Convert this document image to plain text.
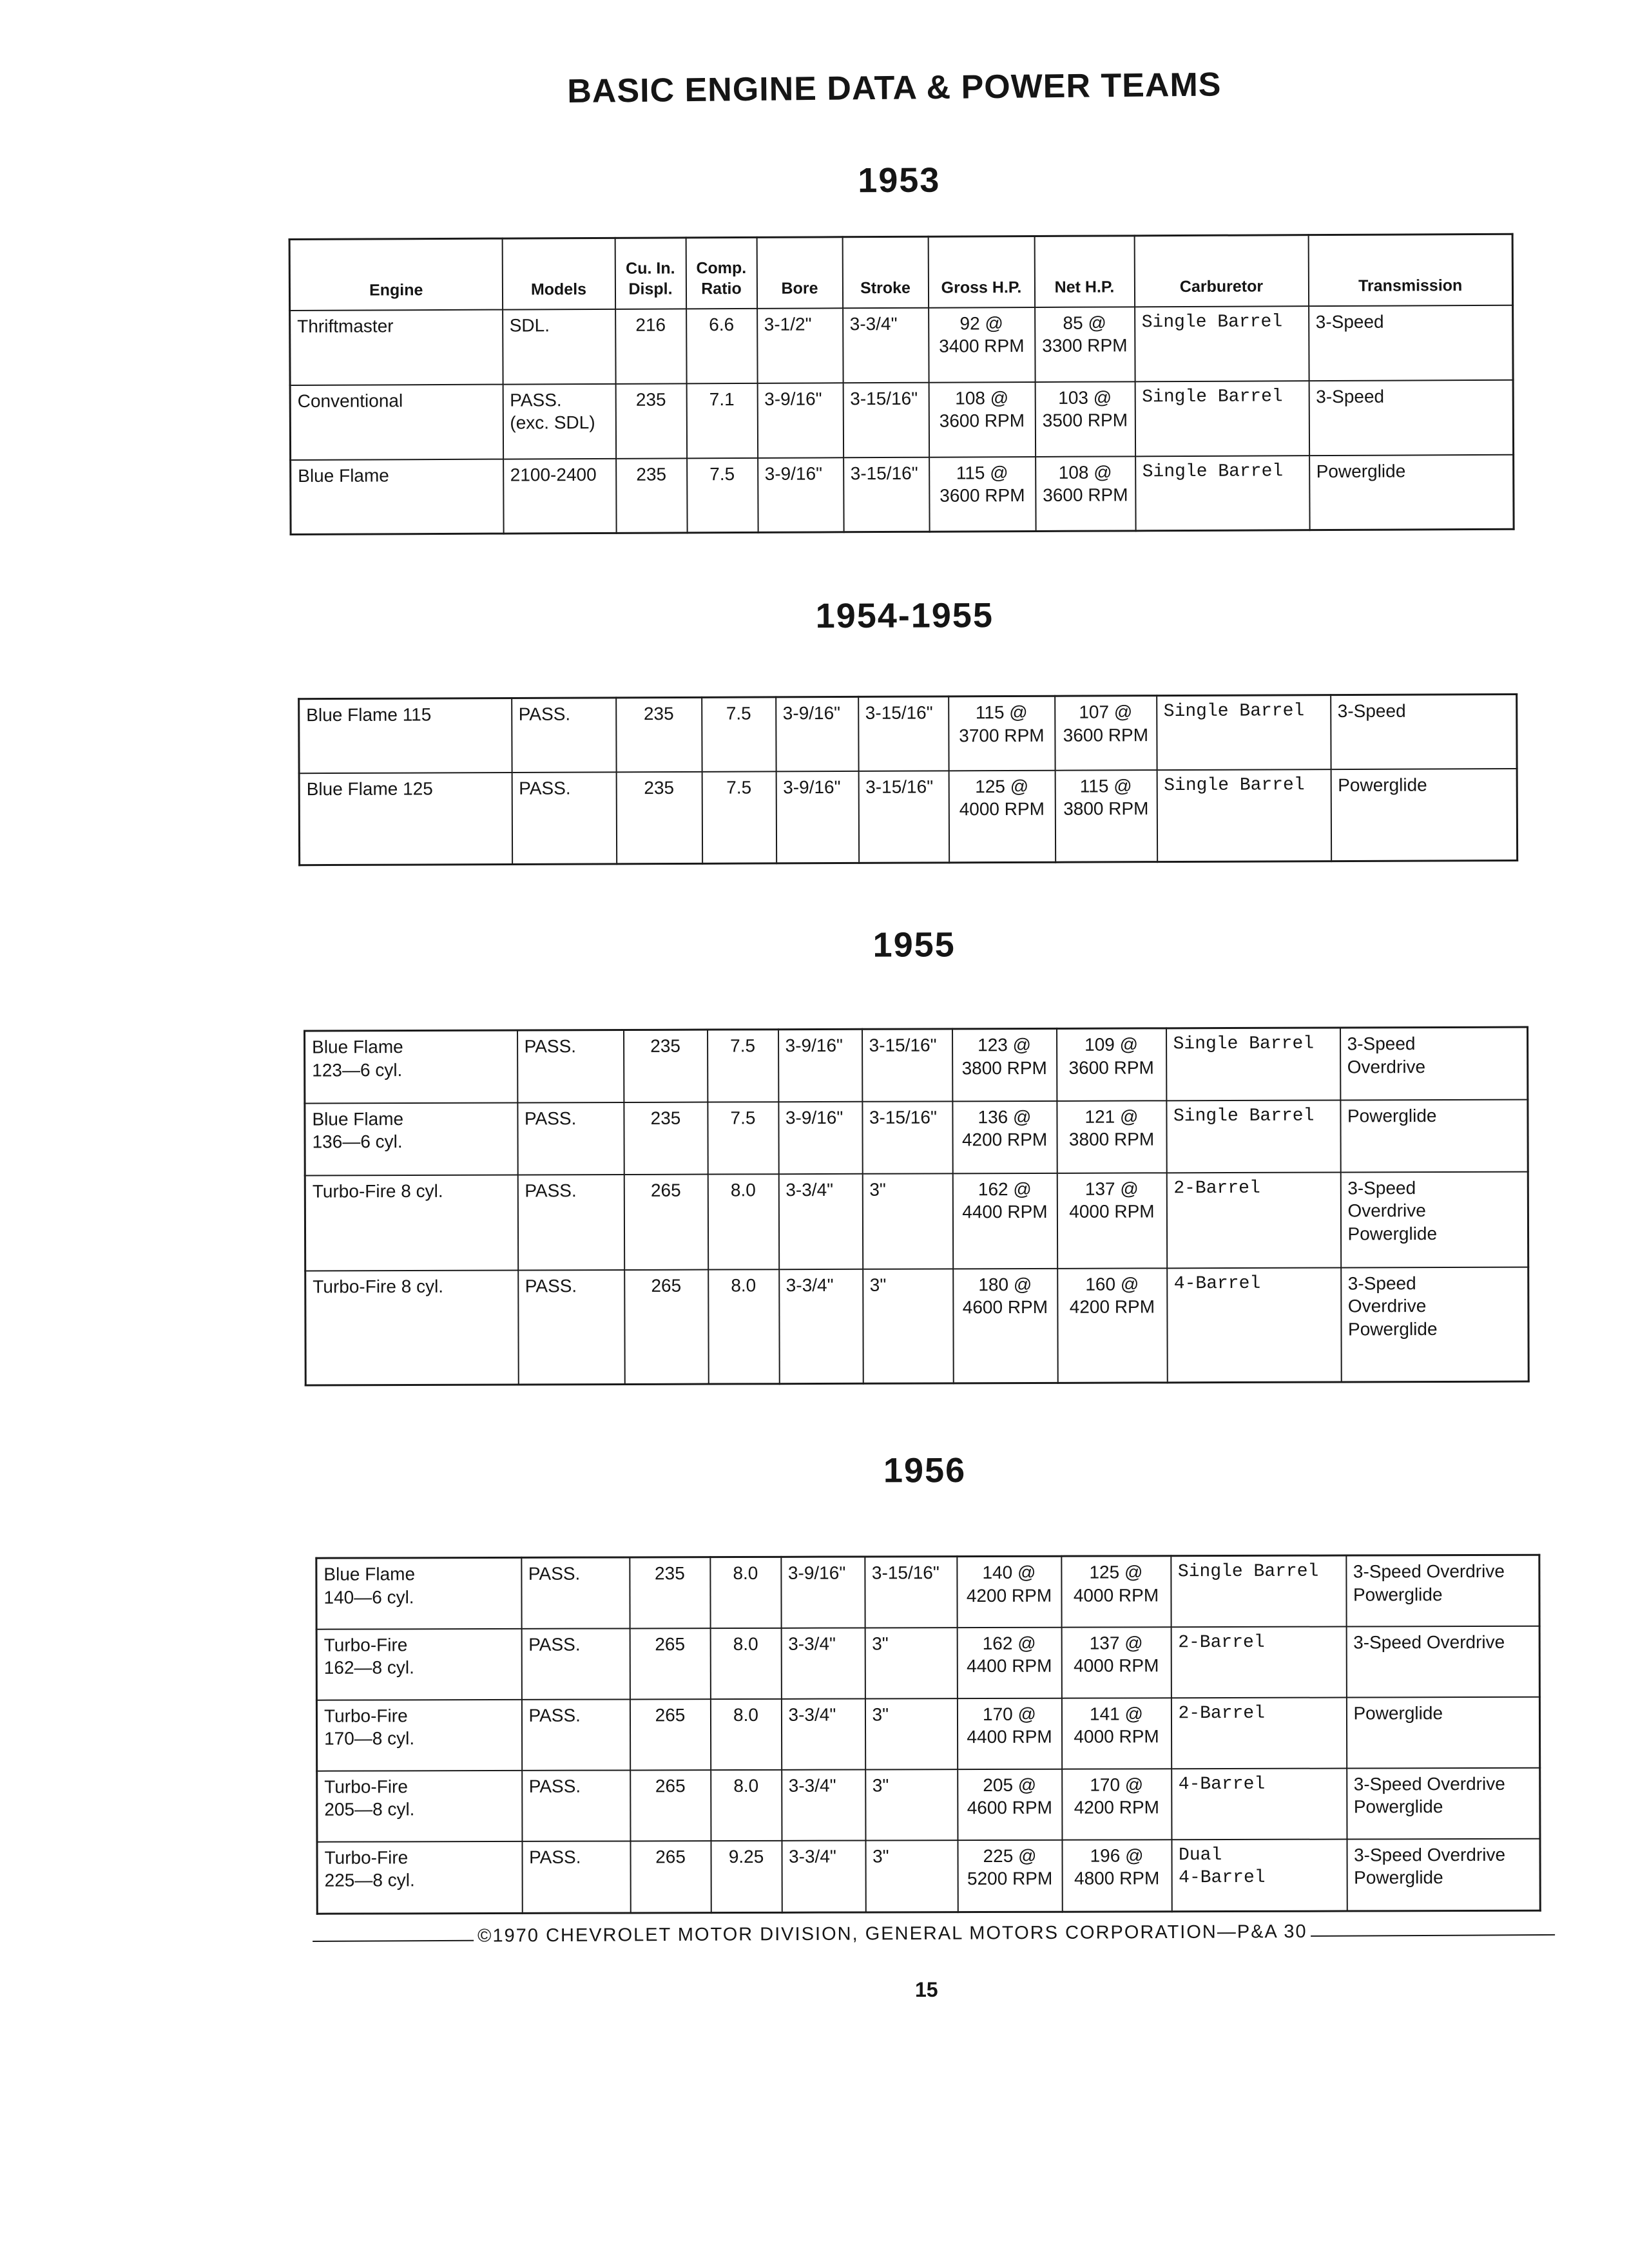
BASIC ENGINE DATA & POWER TEAMS
1953
Engine	Models	Cu. In. Displ.	Comp. Ratio	Bore	Stroke	Gross H.P.	Net H.P.	Carburetor	Transmission
Thriftmaster	SDL.	216	6.6	3-1/2"	3-3/4"	92 @
3400 RPM	85 @
3300 RPM	Single Barrel	3-Speed
Conventional	PASS.
(exc. SDL)	235	7.1	3-9/16"	3-15/16"	108 @
3600 RPM	103 @
3500 RPM	Single Barrel	3-Speed
Blue Flame	2100-2400	235	7.5	3-9/16"	3-15/16"	115 @
3600 RPM	108 @
3600 RPM	Single Barrel	Powerglide
1954-1955
Blue Flame 115	PASS.	235	7.5	3-9/16"	3-15/16"	115 @
3700 RPM	107 @
3600 RPM	Single Barrel	3-Speed
Blue Flame 125	PASS.	235	7.5	3-9/16"	3-15/16"	125 @
4000 RPM	115 @
3800 RPM	Single Barrel	Powerglide
1955
Blue Flame
123—6 cyl.	PASS.	235	7.5	3-9/16"	3-15/16"	123 @
3800 RPM	109 @
3600 RPM	Single Barrel	3-Speed
Overdrive
Blue Flame
136—6 cyl.	PASS.	235	7.5	3-9/16"	3-15/16"	136 @
4200 RPM	121 @
3800 RPM	Single Barrel	Powerglide
Turbo-Fire 8 cyl.	PASS.	265	8.0	3-3/4"	3"	162 @
4400 RPM	137 @
4000 RPM	2-Barrel	3-Speed
Overdrive
Powerglide
Turbo-Fire 8 cyl.	PASS.	265	8.0	3-3/4"	3"	180 @
4600 RPM	160 @
4200 RPM	4-Barrel	3-Speed
Overdrive
Powerglide
1956
Blue Flame
140—6 cyl.	PASS.	235	8.0	3-9/16"	3-15/16"	140 @
4200 RPM	125 @
4000 RPM	Single Barrel	3-Speed Overdrive
Powerglide
Turbo-Fire
162—8 cyl.	PASS.	265	8.0	3-3/4"	3"	162 @
4400 RPM	137 @
4000 RPM	2-Barrel	3-Speed Overdrive
Turbo-Fire
170—8 cyl.	PASS.	265	8.0	3-3/4"	3"	170 @
4400 RPM	141 @
4000 RPM	2-Barrel	Powerglide
Turbo-Fire
205—8 cyl.	PASS.	265	8.0	3-3/4"	3"	205 @
4600 RPM	170 @
4200 RPM	4-Barrel	3-Speed Overdrive
Powerglide
Turbo-Fire
225—8 cyl.	PASS.	265	9.25	3-3/4"	3"	225 @
5200 RPM	196 @
4800 RPM	Dual
4-Barrel	3-Speed Overdrive
Powerglide
©1970 CHEVROLET MOTOR DIVISION, GENERAL MOTORS CORPORATION—P&A 30
15
